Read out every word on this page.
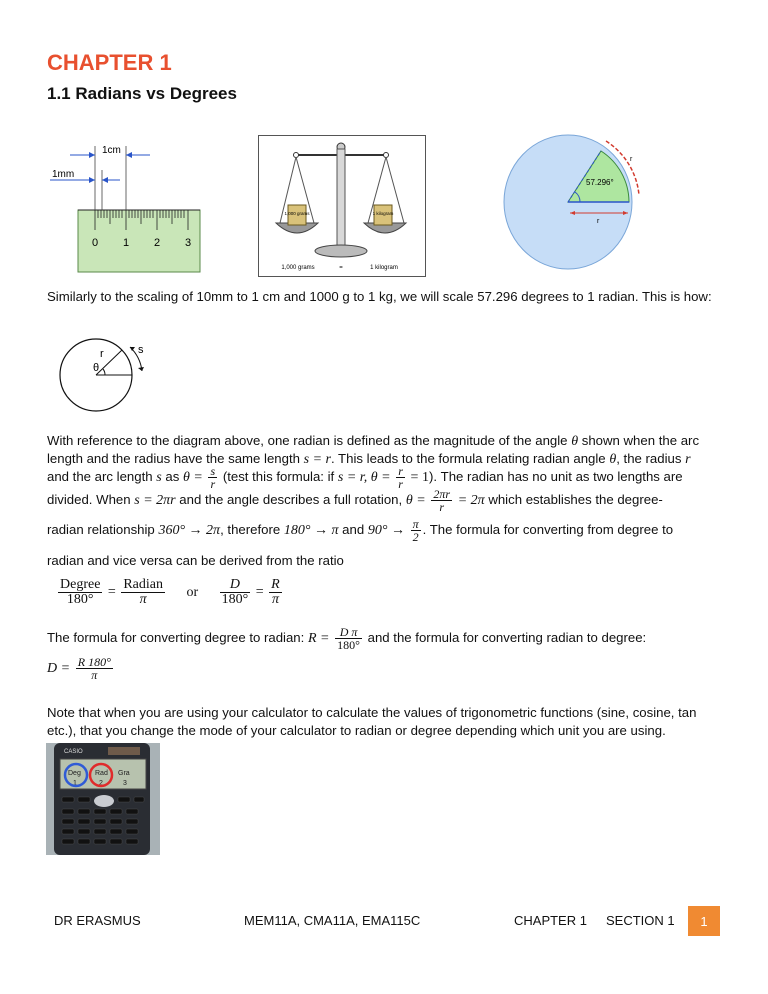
CHAPTER 1
1.1 Radians vs Degrees
1cm
1mm
0 1 2 3
1,000 grams	1 kilogram
1,000 grams	=	1 kilogram
57.296°
r
r
Similarly to the scaling of 10mm to 1 cm and 1000 g to 1 kg, we will scale 57.296 degrees to 1 radian. This is how:
r	s
θ
With reference to the diagram above, one radian is defined as the magnitude of the angle θ shown when the arc
length and the radius have the same length s = r. This leads to the formula relating radian angle θ, the radius r
and the arc length s as $\theta = \frac{s}{r}$ (test this formula: if s = r, $\theta = \frac{r}{r} = 1$). The radian has no unit as two lengths are
divided. When s = 2πr and the angle describes a full rotation, $\theta = \frac{2\pi r}{r} = 2\pi$ which establishes the degree-
radian relationship 360° → 2π, therefore 180° → π and $90^\circ \to \frac{\pi}{2}$ . The formula for converting from degree to
radian and vice versa can be derived from the ratio
$\frac{\text{Degree}}{180^\circ} = \frac{\text{Radian}}{\pi}$ or $\frac{D}{180^\circ} = \frac{R}{\pi}$
The formula for converting degree to radian: $R = \frac{\text{D π}}{180^\circ}$ and the formula for converting radian to degree:
$D = \frac{R 180^\circ}{\pi}$
Note that when you are using your calculator to calculate the values of trigonometric functions (sine, cosine, tan etc.), that you change the mode of your calculator to radian or degree depending which unit you are using.
CASIO
Deg Rad Gra
1	2	3
DR ERASMUS	MEM11A, CMA11A, EMA115C	CHAPTER 1 SECTION 1	1
